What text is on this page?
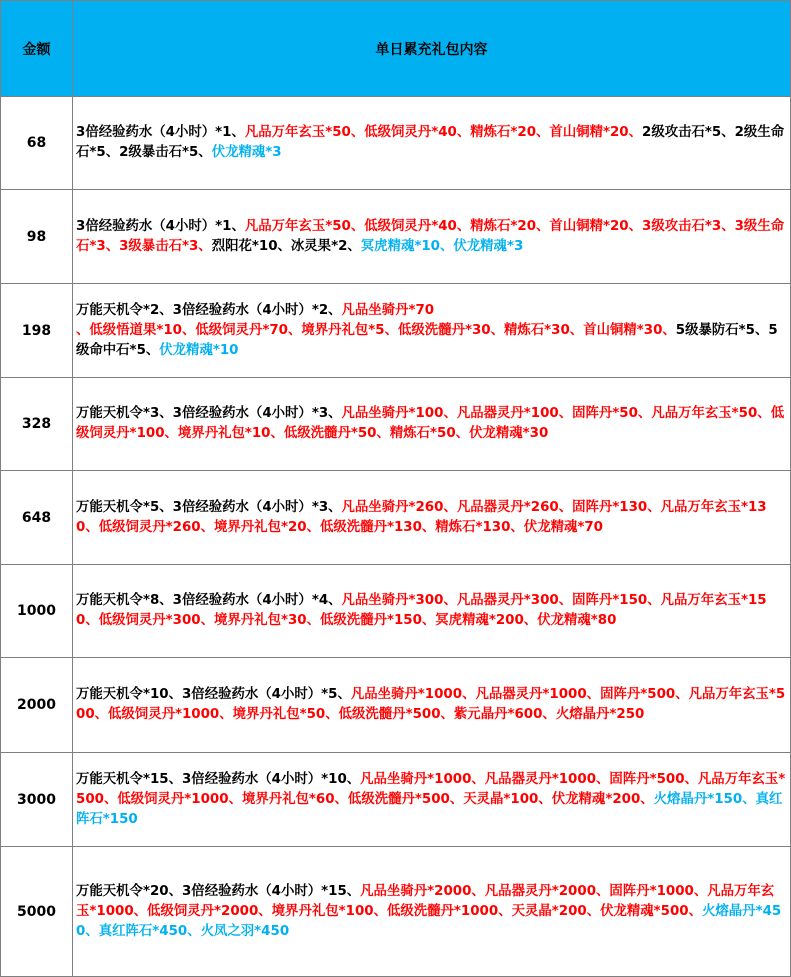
金额	单日累充礼包内容
68	3倍经验药水（4小时）*1、凡品万年玄玉*50、低级饲灵丹*40、精炼石*20、首山铜精*20、2级攻击石*5、2级生命石*5、2级暴击石*5、伏龙精魂*3
98	3倍经验药水（4小时）*1、凡品万年玄玉*50、低级饲灵丹*40、精炼石*20、首山铜精*20、3级攻击石*3、3级生命石*3、3级暴击石*3、烈阳花*10、冰灵果*2、冥虎精魂*10、伏龙精魂*3
198	万能天机令*2、3倍经验药水（4小时）*2、凡品坐骑丹*70
、低级悟道果*10、低级饲灵丹*70、境界丹礼包*5、低级洗髓丹*30、精炼石*30、首山铜精*30、5级暴防石*5、5级命中石*5、伏龙精魂*10
328	万能天机令*3、3倍经验药水（4小时）*3、凡品坐骑丹*100、凡品器灵丹*100、固阵丹*50、凡品万年玄玉*50、低级饲灵丹*100、境界丹礼包*10、低级洗髓丹*50、精炼石*50、伏龙精魂*30
648	万能天机令*5、3倍经验药水（4小时）*3、凡品坐骑丹*260、凡品器灵丹*260、固阵丹*130、凡品万年玄玉*130、低级饲灵丹*260、境界丹礼包*20、低级洗髓丹*130、精炼石*130、伏龙精魂*70
1000	万能天机令*8、3倍经验药水（4小时）*4、凡品坐骑丹*300、凡品器灵丹*300、固阵丹*150、凡品万年玄玉*150、低级饲灵丹*300、境界丹礼包*30、低级洗髓丹*150、冥虎精魂*200、伏龙精魂*80
2000	万能天机令*10、3倍经验药水（4小时）*5、凡品坐骑丹*1000、凡品器灵丹*1000、固阵丹*500、凡品万年玄玉*500、低级饲灵丹*1000、境界丹礼包*50、低级洗髓丹*500、紫元晶丹*600、火熔晶丹*250
3000	万能天机令*15、3倍经验药水（4小时）*10、凡品坐骑丹*1000、凡品器灵丹*1000、固阵丹*500、凡品万年玄玉*500、低级饲灵丹*1000、境界丹礼包*60、低级洗髓丹*500、天灵晶*100、伏龙精魂*200、火熔晶丹*150、真红阵石*150
5000	万能天机令*20、3倍经验药水（4小时）*15、凡品坐骑丹*2000、凡品器灵丹*2000、固阵丹*1000、凡品万年玄玉*1000、低级饲灵丹*2000、境界丹礼包*100、低级洗髓丹*1000、天灵晶*200、伏龙精魂*500、火熔晶丹*450、真红阵石*450、火凤之羽*450
